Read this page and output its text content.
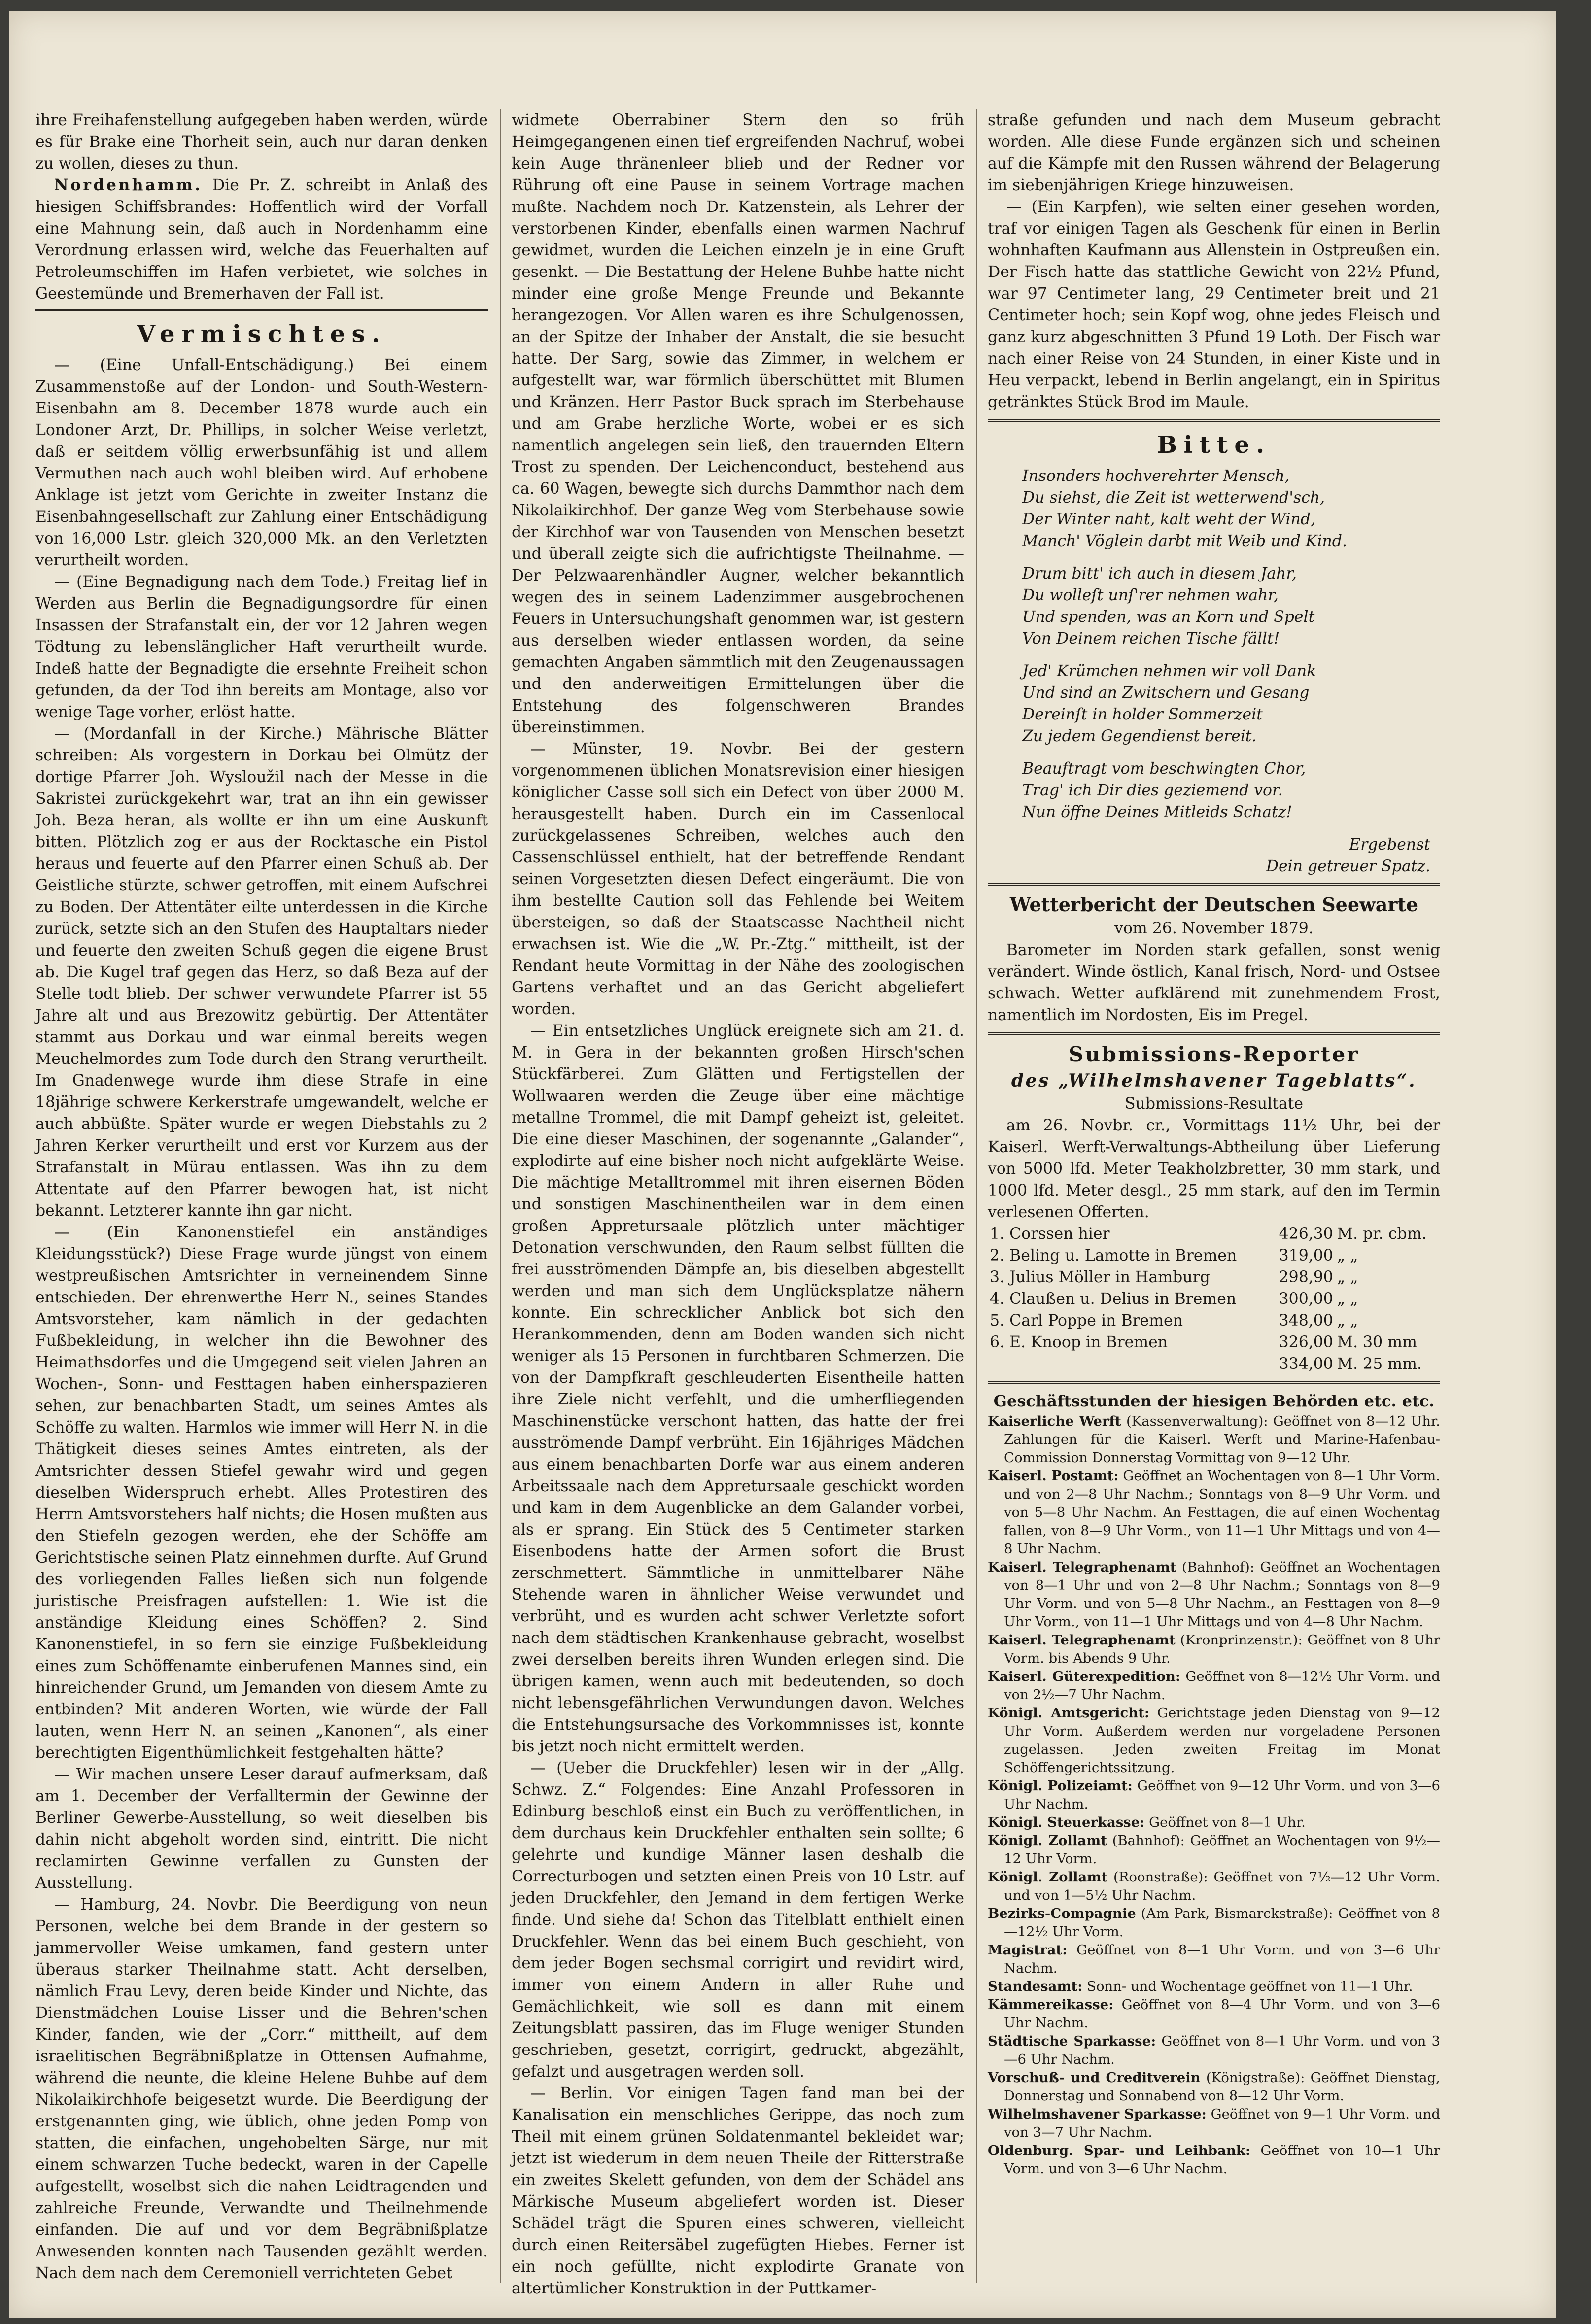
ihre Freihafenstellung aufgegeben haben werden, würde es für Brake eine Thorheit sein, auch nur daran denken zu wollen, dieses zu thun.

Nordenhamm. Die Pr. Z. schreibt in Anlaß des hiesigen Schiffsbrandes: Hoffentlich wird der Vorfall eine Mahnung sein, daß auch in Nordenhamm eine Verordnung erlassen wird, welche das Feuerhalten auf Petroleumschiffen im Hafen verbietet, wie solches in Geestemünde und Bremerhaven der Fall ist.

Vermischtes.

— (Eine Unfall-Entschädigung.) Bei einem Zusammenstoße auf der London- und South-Western-Eisenbahn am 8. December 1878 wurde auch ein Londoner Arzt, Dr. Phillips, in solcher Weise verletzt, daß er seitdem völlig erwerbsunfähig ist und allem Vermuthen nach auch wohl bleiben wird. Auf erhobene Anklage ist jetzt vom Gerichte in zweiter Instanz die Eisenbahngesellschaft zur Zahlung einer Entschädigung von 16,000 Lstr. gleich 320,000 Mk. an den Verletzten verurtheilt worden.

— (Eine Begnadigung nach dem Tode.) Freitag lief in Werden aus Berlin die Begnadigungsordre für einen Insassen der Strafanstalt ein, der vor 12 Jahren wegen Tödtung zu lebenslänglicher Haft verurtheilt wurde. Indeß hatte der Begnadigte die ersehnte Freiheit schon gefunden, da der Tod ihn bereits am Montage, also vor wenige Tage vorher, erlöst hatte.

— (Mordanfall in der Kirche.) Mährische Blätter schreiben: Als vorgestern in Dorkau bei Olmütz der dortige Pfarrer Joh. Wysloužil nach der Messe in die Sakristei zurückgekehrt war, trat an ihn ein gewisser Joh. Beza heran, als wollte er ihn um eine Auskunft bitten. Plötzlich zog er aus der Rocktasche ein Pistol heraus und feuerte auf den Pfarrer einen Schuß ab. Der Geistliche stürzte, schwer getroffen, mit einem Aufschrei zu Boden. Der Attentäter eilte unterdessen in die Kirche zurück, setzte sich an den Stufen des Hauptaltars nieder und feuerte den zweiten Schuß gegen die eigene Brust ab. Die Kugel traf gegen das Herz, so daß Beza auf der Stelle todt blieb. Der schwer verwundete Pfarrer ist 55 Jahre alt und aus Brezowitz gebürtig. Der Attentäter stammt aus Dorkau und war einmal bereits wegen Meuchelmordes zum Tode durch den Strang verurtheilt. Im Gnadenwege wurde ihm diese Strafe in eine 18jährige schwere Kerkerstrafe umgewandelt, welche er auch abbüßte. Später wurde er wegen Diebstahls zu 2 Jahren Kerker verurtheilt und erst vor Kurzem aus der Strafanstalt in Mürau entlassen. Was ihn zu dem Attentate auf den Pfarrer bewogen hat, ist nicht bekannt. Letzterer kannte ihn gar nicht.

— (Ein Kanonenstiefel ein anständiges Kleidungsstück?) Diese Frage wurde jüngst von einem westpreußischen Amtsrichter in verneinendem Sinne entschieden. Der ehrenwerthe Herr N., seines Standes Amtsvorsteher, kam nämlich in der gedachten Fußbekleidung, in welcher ihn die Bewohner des Heimathsdorfes und die Umgegend seit vielen Jahren an Wochen-, Sonn- und Festtagen haben einherspazieren sehen, zur benachbarten Stadt, um seines Amtes als Schöffe zu walten. Harmlos wie immer will Herr N. in die Thätigkeit dieses seines Amtes eintreten, als der Amtsrichter dessen Stiefel gewahr wird und gegen dieselben Widerspruch erhebt. Alles Protestiren des Herrn Amtsvorstehers half nichts; die Hosen mußten aus den Stiefeln gezogen werden, ehe der Schöffe am Gerichtstische seinen Platz einnehmen durfte. Auf Grund des vorliegenden Falles ließen sich nun folgende juristische Preisfragen aufstellen: 1. Wie ist die anständige Kleidung eines Schöffen? 2. Sind Kanonenstiefel, in so fern sie einzige Fußbekleidung eines zum Schöffenamte einberufenen Mannes sind, ein hinreichender Grund, um Jemanden von diesem Amte zu entbinden? Mit anderen Worten, wie würde der Fall lauten, wenn Herr N. an seinen „Kanonen“, als einer berechtigten Eigenthümlichkeit festgehalten hätte?

— Wir machen unsere Leser darauf aufmerksam, daß am 1. December der Verfalltermin der Gewinne der Berliner Gewerbe-Ausstellung, so weit dieselben bis dahin nicht abgeholt worden sind, eintritt. Die nicht reclamirten Gewinne verfallen zu Gunsten der Ausstellung.

— Hamburg, 24. Novbr. Die Beerdigung von neun Personen, welche bei dem Brande in der gestern so jammervoller Weise umkamen, fand gestern unter überaus starker Theilnahme statt. Acht derselben, nämlich Frau Levy, deren beide Kinder und Nichte, das Dienstmädchen Louise Lisser und die Behren'schen Kinder, fanden, wie der „Corr.“ mittheilt, auf dem israelitischen Begräbnißplatze in Ottensen Aufnahme, während die neunte, die kleine Helene Buhbe auf dem Nikolaikirchhofe beigesetzt wurde. Die Beerdigung der erstgenannten ging, wie üblich, ohne jeden Pomp von statten, die einfachen, ungehobelten Särge, nur mit einem schwarzen Tuche bedeckt, waren in der Capelle aufgestellt, woselbst sich die nahen Leidtragenden und zahlreiche Freunde, Verwandte und Theilnehmende einfanden. Die auf und vor dem Begräbnißplatze Anwesenden konnten nach Tausenden gezählt werden. Nach dem nach dem Ceremoniell verrichteten Gebet

widmete Oberrabiner Stern den so früh Heimgegangenen einen tief ergreifenden Nachruf, wobei kein Auge thränenleer blieb und der Redner vor Rührung oft eine Pause in seinem Vortrage machen mußte. Nachdem noch Dr. Katzenstein, als Lehrer der verstorbenen Kinder, ebenfalls einen warmen Nachruf gewidmet, wurden die Leichen einzeln je in eine Gruft gesenkt. — Die Bestattung der Helene Buhbe hatte nicht minder eine große Menge Freunde und Bekannte herangezogen. Vor Allen waren es ihre Schulgenossen, an der Spitze der Inhaber der Anstalt, die sie besucht hatte. Der Sarg, sowie das Zimmer, in welchem er aufgestellt war, war förmlich überschüttet mit Blumen und Kränzen. Herr Pastor Buck sprach im Sterbehause und am Grabe herzliche Worte, wobei er es sich namentlich angelegen sein ließ, den trauernden Eltern Trost zu spenden. Der Leichenconduct, bestehend aus ca. 60 Wagen, bewegte sich durchs Dammthor nach dem Nikolaikirchhof. Der ganze Weg vom Sterbehause sowie der Kirchhof war von Tausenden von Menschen besetzt und überall zeigte sich die aufrichtigste Theilnahme. — Der Pelzwaarenhändler Augner, welcher bekanntlich wegen des in seinem Ladenzimmer ausgebrochenen Feuers in Untersuchungshaft genommen war, ist gestern aus derselben wieder entlassen worden, da seine gemachten Angaben sämmtlich mit den Zeugenaussagen und den anderweitigen Ermittelungen über die Entstehung des folgenschweren Brandes übereinstimmen.

— Münster, 19. Novbr. Bei der gestern vorgenommenen üblichen Monatsrevision einer hiesigen königlicher Casse soll sich ein Defect von über 2000 M. herausgestellt haben. Durch ein im Cassenlocal zurückgelassenes Schreiben, welches auch den Cassenschlüssel enthielt, hat der betreffende Rendant seinen Vorgesetzten diesen Defect eingeräumt. Die von ihm bestellte Caution soll das Fehlende bei Weitem übersteigen, so daß der Staatscasse Nachtheil nicht erwachsen ist. Wie die „W. Pr.-Ztg.“ mittheilt, ist der Rendant heute Vormittag in der Nähe des zoologischen Gartens verhaftet und an das Gericht abgeliefert worden.

— Ein entsetzliches Unglück ereignete sich am 21. d. M. in Gera in der bekannten großen Hirsch'schen Stückfärberei. Zum Glätten und Fertigstellen der Wollwaaren werden die Zeuge über eine mächtige metallne Trommel, die mit Dampf geheizt ist, geleitet. Die eine dieser Maschinen, der sogenannte „Galander“, explodirte auf eine bisher noch nicht aufgeklärte Weise. Die mächtige Metalltrommel mit ihren eisernen Böden und sonstigen Maschinentheilen war in dem einen großen Appretursaale plötzlich unter mächtiger Detonation verschwunden, den Raum selbst füllten die frei ausströmenden Dämpfe an, bis dieselben abgestellt werden und man sich dem Unglücksplatze nähern konnte. Ein schrecklicher Anblick bot sich den Herankommenden, denn am Boden wanden sich nicht weniger als 15 Personen in furchtbaren Schmerzen. Die von der Dampfkraft geschleuderten Eisentheile hatten ihre Ziele nicht verfehlt, und die umherfliegenden Maschinenstücke verschont hatten, das hatte der frei ausströmende Dampf verbrüht. Ein 16jähriges Mädchen aus einem benachbarten Dorfe war aus einem anderen Arbeitssaale nach dem Appretursaale geschickt worden und kam in dem Augenblicke an dem Galander vorbei, als er sprang. Ein Stück des 5 Centimeter starken Eisenbodens hatte der Armen sofort die Brust zerschmettert. Sämmtliche in unmittelbarer Nähe Stehende waren in ähnlicher Weise verwundet und verbrüht, und es wurden acht schwer Verletzte sofort nach dem städtischen Krankenhause gebracht, woselbst zwei derselben bereits ihren Wunden erlegen sind. Die übrigen kamen, wenn auch mit bedeutenden, so doch nicht lebensgefährlichen Verwundungen davon. Welches die Entstehungsursache des Vorkommnisses ist, konnte bis jetzt noch nicht ermittelt werden.

— (Ueber die Druckfehler) lesen wir in der „Allg. Schwz. Z.“ Folgendes: Eine Anzahl Professoren in Edinburg beschloß einst ein Buch zu veröffentlichen, in dem durchaus kein Druckfehler enthalten sein sollte; 6 gelehrte und kundige Männer lasen deshalb die Correcturbogen und setzten einen Preis von 10 Lstr. auf jeden Druckfehler, den Jemand in dem fertigen Werke finde. Und siehe da! Schon das Titelblatt enthielt einen Druckfehler. Wenn das bei einem Buch geschieht, von dem jeder Bogen sechsmal corrigirt und revidirt wird, immer von einem Andern in aller Ruhe und Gemächlichkeit, wie soll es dann mit einem Zeitungsblatt passiren, das im Fluge weniger Stunden geschrieben, gesetzt, corrigirt, gedruckt, abgezählt, gefalzt und ausgetragen werden soll.

— Berlin. Vor einigen Tagen fand man bei der Kanalisation ein menschliches Gerippe, das noch zum Theil mit einem grünen Soldatenmantel bekleidet war; jetzt ist wiederum in dem neuen Theile der Ritterstraße ein zweites Skelett gefunden, von dem der Schädel ans Märkische Museum abgeliefert worden ist. Dieser Schädel trägt die Spuren eines schweren, vielleicht durch einen Reitersäbel zugefügten Hiebes. Ferner ist ein noch gefüllte, nicht explodirte Granate von altertümlicher Konstruktion in der Puttkamer-

straße gefunden und nach dem Museum gebracht worden. Alle diese Funde ergänzen sich und scheinen auf die Kämpfe mit den Russen während der Belagerung im siebenjährigen Kriege hinzuweisen.

— (Ein Karpfen), wie selten einer gesehen worden, traf vor einigen Tagen als Geschenk für einen in Berlin wohnhaften Kaufmann aus Allenstein in Ostpreußen ein. Der Fisch hatte das stattliche Gewicht von 22½ Pfund, war 97 Centimeter lang, 29 Centimeter breit und 21 Centimeter hoch; sein Kopf wog, ohne jedes Fleisch und ganz kurz abgeschnitten 3 Pfund 19 Loth. Der Fisch war nach einer Reise von 24 Stunden, in einer Kiste und in Heu verpackt, lebend in Berlin angelangt, ein in Spiritus getränktes Stück Brod im Maule.

Bitte.
Insonders hochverehrter Mensch,
Du siehst, die Zeit ist wetterwend'sch,
Der Winter naht, kalt weht der Wind,
Manch' Vöglein darbt mit Weib und Kind.
Drum bitt' ich auch in diesem Jahr,
Du wolleſt unſ'rer nehmen wahr,
Und spenden, was an Korn und Spelt
Von Deinem reichen Tische fällt!
Jed' Krümchen nehmen wir voll Dank
Und sind an Zwitschern und Gesang
Dereinſt in holder Sommerzeit
Zu jedem Gegendienst bereit.
Beauftragt vom beschwingten Chor,
Trag' ich Dir dies geziemend vor.
Nun öffne Deines Mitleids Schatz!
Ergebenst
Dein getreuer Spatz.
Wetterbericht der Deutschen Seewarte
vom 26. November 1879.

Barometer im Norden stark gefallen, sonst wenig verändert. Winde östlich, Kanal frisch, Nord- und Ostsee schwach. Wetter aufklärend mit zunehmendem Frost, namentlich im Nordosten, Eis im Pregel.

Submissions-Reporter
des „Wilhelmshavener Tageblatts“.
Submissions-Resultate

am 26. Novbr. cr., Vormittags 11½ Uhr, bei der Kaiserl. Werft-Verwaltungs-Abtheilung über Lieferung von 5000 lfd. Meter Teakholzbretter, 30 mm stark, und 1000 lfd. Meter desgl., 25 mm stark, auf den im Termin verlesenen Offerten.

1. Corssen hier	426,30	M. pr. cbm.
2. Beling u. Lamotte in Bremen	319,00	„ „
3. Julius Möller in Hamburg	298,90	„ „
4. Claußen u. Delius in Bremen	300,00	„ „
5. Carl Poppe in Bremen	348,00	„ „
6. E. Knoop in Bremen	326,00	M. 30 mm
	334,00	M. 25 mm.
Geschäftsstunden der hiesigen Behörden etc. etc.
Kaiserliche Werft (Kassenverwaltung): Geöffnet von 8—12 Uhr. Zahlungen für die Kaiserl. Werft und Marine-Hafenbau-Commission Donnerstag Vormittag von 9—12 Uhr.
Kaiserl. Postamt: Geöffnet an Wochentagen von 8—1 Uhr Vorm. und von 2—8 Uhr Nachm.; Sonntags von 8—9 Uhr Vorm. und von 5—8 Uhr Nachm. An Festtagen, die auf einen Wochentag fallen, von 8—9 Uhr Vorm., von 11—1 Uhr Mittags und von 4—8 Uhr Nachm.
Kaiserl. Telegraphenamt (Bahnhof): Geöffnet an Wochentagen von 8—1 Uhr und von 2—8 Uhr Nachm.; Sonntags von 8—9 Uhr Vorm. und von 5—8 Uhr Nachm., an Festtagen von 8—9 Uhr Vorm., von 11—1 Uhr Mittags und von 4—8 Uhr Nachm.
Kaiserl. Telegraphenamt (Kronprinzenstr.): Geöffnet von 8 Uhr Vorm. bis Abends 9 Uhr.
Kaiserl. Güterexpedition: Geöffnet von 8—12½ Uhr Vorm. und von 2½—7 Uhr Nachm.
Königl. Amtsgericht: Gerichtstage jeden Dienstag von 9—12 Uhr Vorm. Außerdem werden nur vorgeladene Personen zugelassen. Jeden zweiten Freitag im Monat Schöffengerichtssitzung.
Königl. Polizeiamt: Geöffnet von 9—12 Uhr Vorm. und von 3—6 Uhr Nachm.
Königl. Steuerkasse: Geöffnet von 8—1 Uhr.
Königl. Zollamt (Bahnhof): Geöffnet an Wochentagen von 9½—12 Uhr Vorm.
Königl. Zollamt (Roonstraße): Geöffnet von 7½—12 Uhr Vorm. und von 1—5½ Uhr Nachm.
Bezirks-Compagnie (Am Park, Bismarckstraße): Geöffnet von 8—12½ Uhr Vorm.
Magistrat: Geöffnet von 8—1 Uhr Vorm. und von 3—6 Uhr Nachm.
Standesamt: Sonn- und Wochentage geöffnet von 11—1 Uhr.
Kämmereikasse: Geöffnet von 8—4 Uhr Vorm. und von 3—6 Uhr Nachm.
Städtische Sparkasse: Geöffnet von 8—1 Uhr Vorm. und von 3—6 Uhr Nachm.
Vorschuß- und Creditverein (Königstraße): Geöffnet Dienstag, Donnerstag und Sonnabend von 8—12 Uhr Vorm.
Wilhelmshavener Sparkasse: Geöffnet von 9—1 Uhr Vorm. und von 3—7 Uhr Nachm.
Oldenburg. Spar- und Leihbank: Geöffnet von 10—1 Uhr Vorm. und von 3—6 Uhr Nachm.
